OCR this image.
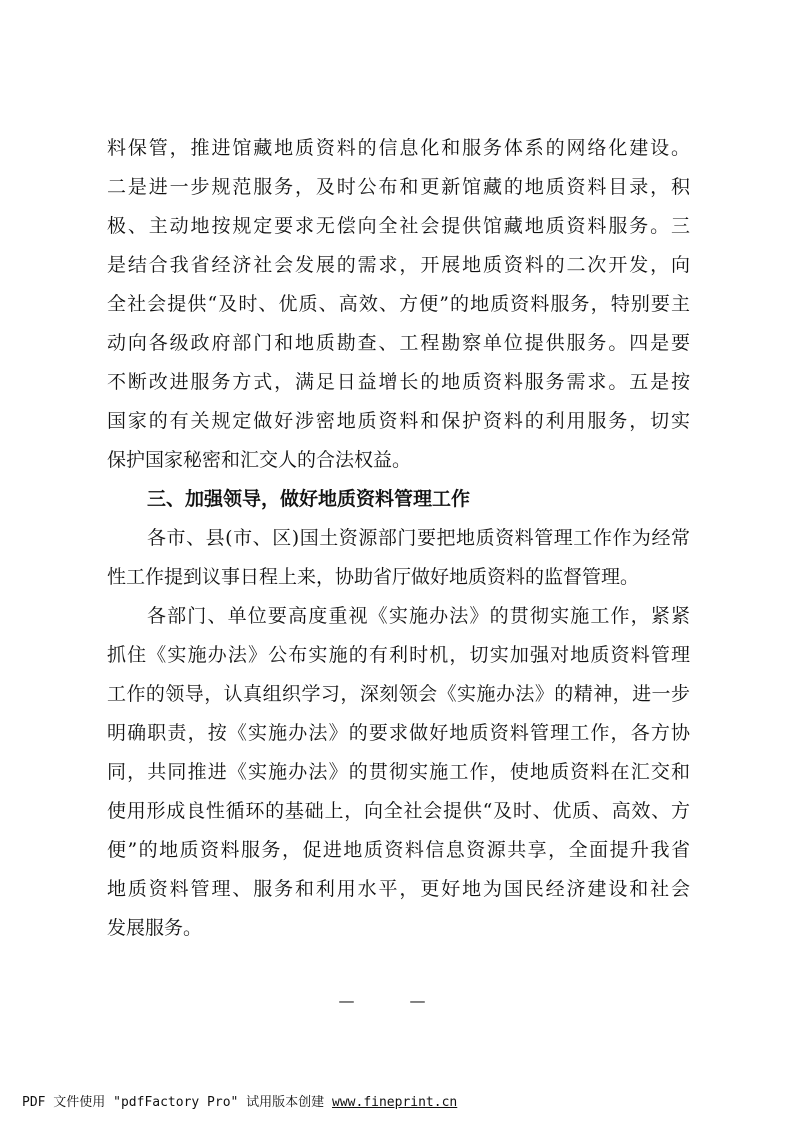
料保管，推进馆藏地质资料的信息化和服务体系的网络化建设。
二是进一步规范服务，及时公布和更新馆藏的地质资料目录，积
极、主动地按规定要求无偿向全社会提供馆藏地质资料服务。三
是结合我省经济社会发展的需求，开展地质资料的二次开发，向
全社会提供“及时、优质、高效、方便”的地质资料服务，特别要主
动向各级政府部门和地质勘查、工程勘察单位提供服务。四是要
不断改进服务方式，满足日益增长的地质资料服务需求。五是按
国家的有关规定做好涉密地质资料和保护资料的利用服务，切实
保护国家秘密和汇交人的合法权益。
三、加强领导，做好地质资料管理工作
各市、县(市、区)国土资源部门要把地质资料管理工作作为经常
性工作提到议事日程上来，协助省厅做好地质资料的监督管理。
各部门、单位要高度重视《实施办法》的贯彻实施工作，紧紧
抓住《实施办法》公布实施的有利时机，切实加强对地质资料管理
工作的领导，认真组织学习，深刻领会《实施办法》的精神，进一步
明确职责，按《实施办法》的要求做好地质资料管理工作，各方协
同，共同推进《实施办法》的贯彻实施工作，使地质资料在汇交和
使用形成良性循环的基础上，向全社会提供“及时、优质、高效、方
便”的地质资料服务，促进地质资料信息资源共享，全面提升我省
地质资料管理、服务和利用水平，更好地为国民经济建设和社会
发展服务。
— —
PDF 文件使用 "pdfFactory Pro" 试用版本创建 www.fineprint.cn
